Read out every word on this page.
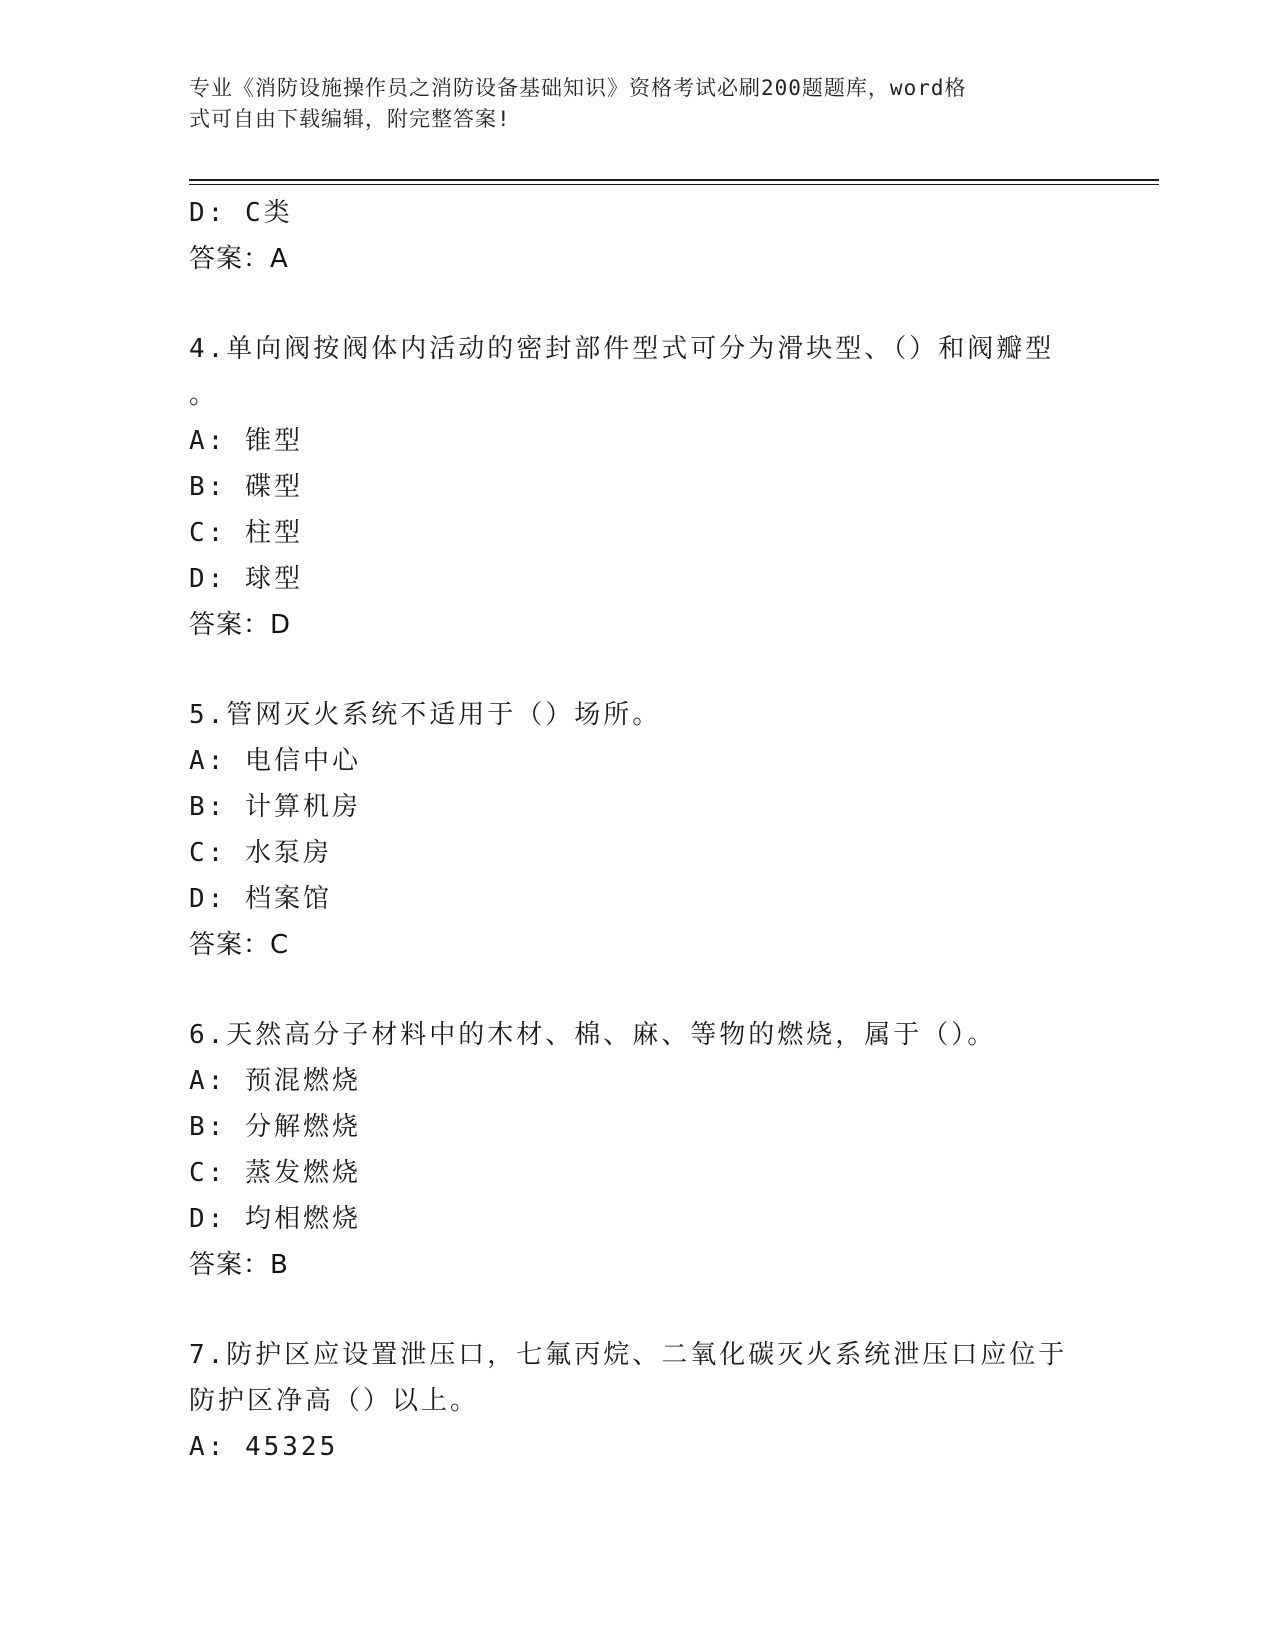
专业《消防设施操作员之消防设备基础知识》资格考试必刷200题题库，word格
式可自由下载编辑，附完整答案!
D: C类
答案：A
4.单向阀按阀体内活动的密封部件型式可分为滑块型、（）和阀瓣型
。
A: 锥型
B: 碟型
C: 柱型
D: 球型
答案：D
5.管网灭火系统不适用于（）场所。
A: 电信中心
B: 计算机房
C: 水泵房
D: 档案馆
答案：C
6.天然高分子材料中的木材、棉、麻、等物的燃烧，属于（）。
A: 预混燃烧
B: 分解燃烧
C: 蒸发燃烧
D: 均相燃烧
答案：B
7.防护区应设置泄压口，七氟丙烷、二氧化碳灭火系统泄压口应位于
防护区净高（）以上。
A: 45325
